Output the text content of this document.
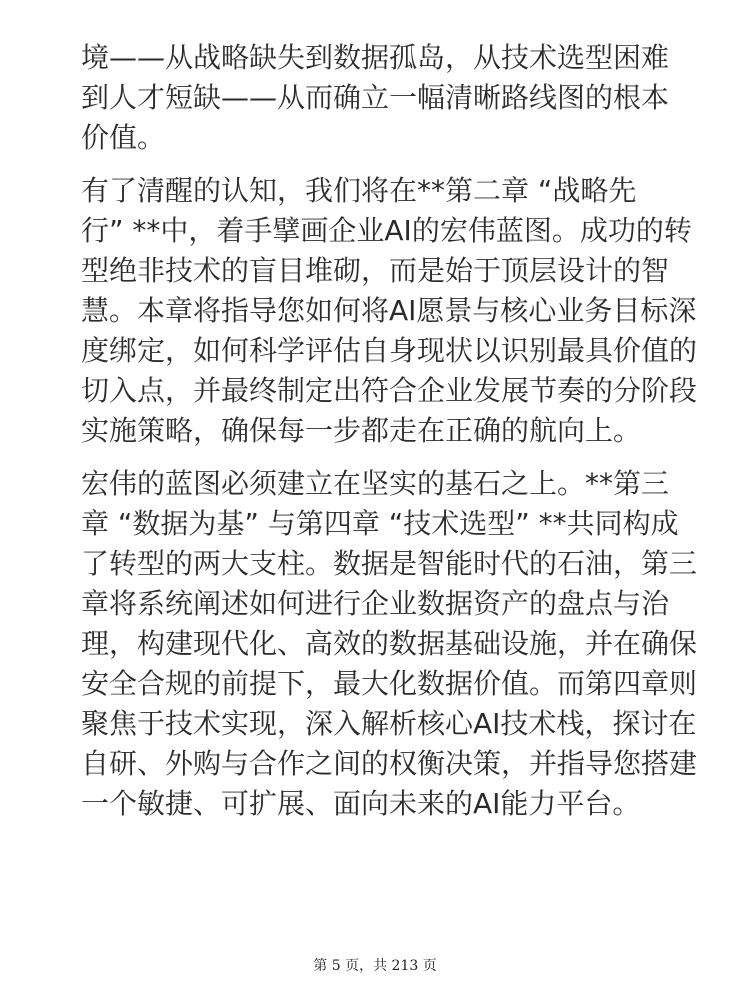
境——从战略缺失到数据孤岛，从技术选型困难
到人才短缺——从而确立一幅清晰路线图的根本
价值。

有了清醒的认知，我们将在**第二章 “战略先
行” **中，着手擘画企业AI的宏伟蓝图。成功的转
型绝非技术的盲目堆砌，而是始于顶层设计的智
慧。本章将指导您如何将AI愿景与核心业务目标深
度绑定，如何科学评估自身现状以识别最具价值的
切入点，并最终制定出符合企业发展节奏的分阶段
实施策略，确保每一步都走在正确的航向上。

宏伟的蓝图必须建立在坚实的基石之上。**第三
章 “数据为基” 与第四章 “技术选型” **共同构成
了转型的两大支柱。数据是智能时代的石油，第三
章将系统阐述如何进行企业数据资产的盘点与治
理，构建现代化、高效的数据基础设施，并在确保
安全合规的前提下，最大化数据价值。而第四章则
聚焦于技术实现，深入解析核心AI技术栈，探讨在
自研、外购与合作之间的权衡决策，并指导您搭建
一个敏捷、可扩展、面向未来的AI能力平台。

第 5 页，共 213 页
